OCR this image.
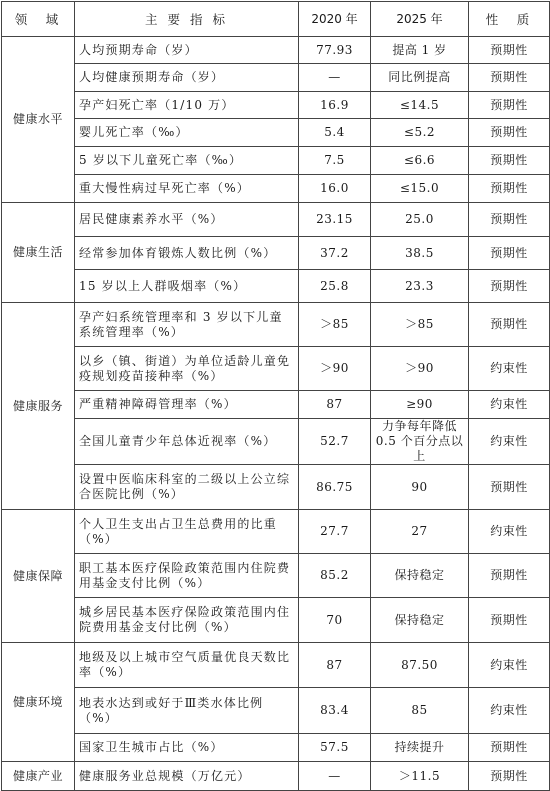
领　域	主 要 指 标	2020 年	2025 年	性　质
健康水平	人均预期寿命（岁）	77.93	提高 1 岁	预期性
	人均健康预期寿命（岁）	—	同比例提高	预期性
	孕产妇死亡率（1/10 万）	16.9	≤14.5	预期性
	婴儿死亡率（‰）	5.4	≤5.2	预期性
	5 岁以下儿童死亡率（‰）	7.5	≤6.6	预期性
	重大慢性病过早死亡率（%）	16.0	≤15.0	预期性
健康生活	居民健康素养水平（%）	23.15	25.0	预期性
	经常参加体育锻炼人数比例（%）	37.2	38.5	预期性
	15 岁以上人群吸烟率（%）	25.8	23.3	预期性
健康服务	孕产妇系统管理率和 3 岁以下儿童系统管理率（%）	＞85	＞85	预期性
	以乡（镇、街道）为单位适龄儿童免疫规划疫苗接种率（%）	＞90	＞90	约束性
	严重精神障碍管理率（%）	87	≥90	约束性
	全国儿童青少年总体近视率（%）	52.7	力争每年降低 0.5 个百分点以上	约束性
	设置中医临床科室的二级以上公立综合医院比例（%）	86.75	90	预期性
健康保障	个人卫生支出占卫生总费用的比重（%）	27.7	27	约束性
	职工基本医疗保险政策范围内住院费用基金支付比例（%）	85.2	保持稳定	预期性
	城乡居民基本医疗保险政策范围内住院费用基金支付比例（%）	70	保持稳定	预期性
健康环境	地级及以上城市空气质量优良天数比率（%）	87	87.50	约束性
	地表水达到或好于Ⅲ类水体比例（%）	83.4	85	约束性
	国家卫生城市占比（%）	57.5	持续提升	预期性
健康产业	健康服务业总规模（万亿元）	—	＞11.5	预期性
